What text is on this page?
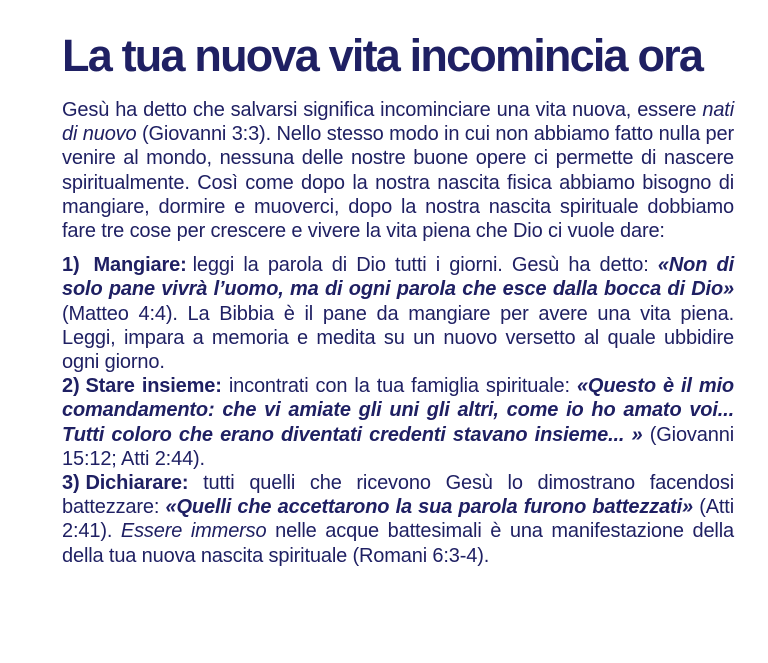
La tua nuova vita incomincia ora

Gesù ha detto che salvarsi significa incominciare una vita nuova, essere nati di nuovo (Giovanni 3:3). Nello stesso modo in cui non abbiamo fatto nulla per venire al mondo, nessuna delle nostre buone opere ci permette di nascere spiritualmente. Così come dopo la nostra nascita fisica abbiamo bisogno di mangiare, dormire e muoverci, dopo la nostra nascita spirituale dobbiamo fare tre cose per crescere e vivere la vita piena che Dio ci vuole dare:

1) Mangiare: leggi la parola di Dio tutti i giorni. Gesù ha detto: «Non di solo pane vivrà l’uomo, ma di ogni parola che esce dalla bocca di Dio» (Matteo 4:4). La Bibbia è il pane da mangiare per avere una vita piena. Leggi, impara a memoria e medita su un nuovo versetto al quale ubbidire ogni giorno.

2) Stare insieme: incontrati con la tua famiglia spirituale: «Questo è il mio comandamento: che vi amiate gli uni gli altri, come io ho amato voi... Tutti coloro che erano diventati credenti stavano insieme... » (Giovanni 15:12; Atti 2:44).

3) Dichiarare: tutti quelli che ricevono Gesù lo dimostrano facendosi battezzare: «Quelli che accettarono la sua parola furono battezzati» (Atti 2:41). Essere immerso nelle acque battesimali è una manifestazione della della tua nuova nascita spirituale (Romani 6:3-4).
